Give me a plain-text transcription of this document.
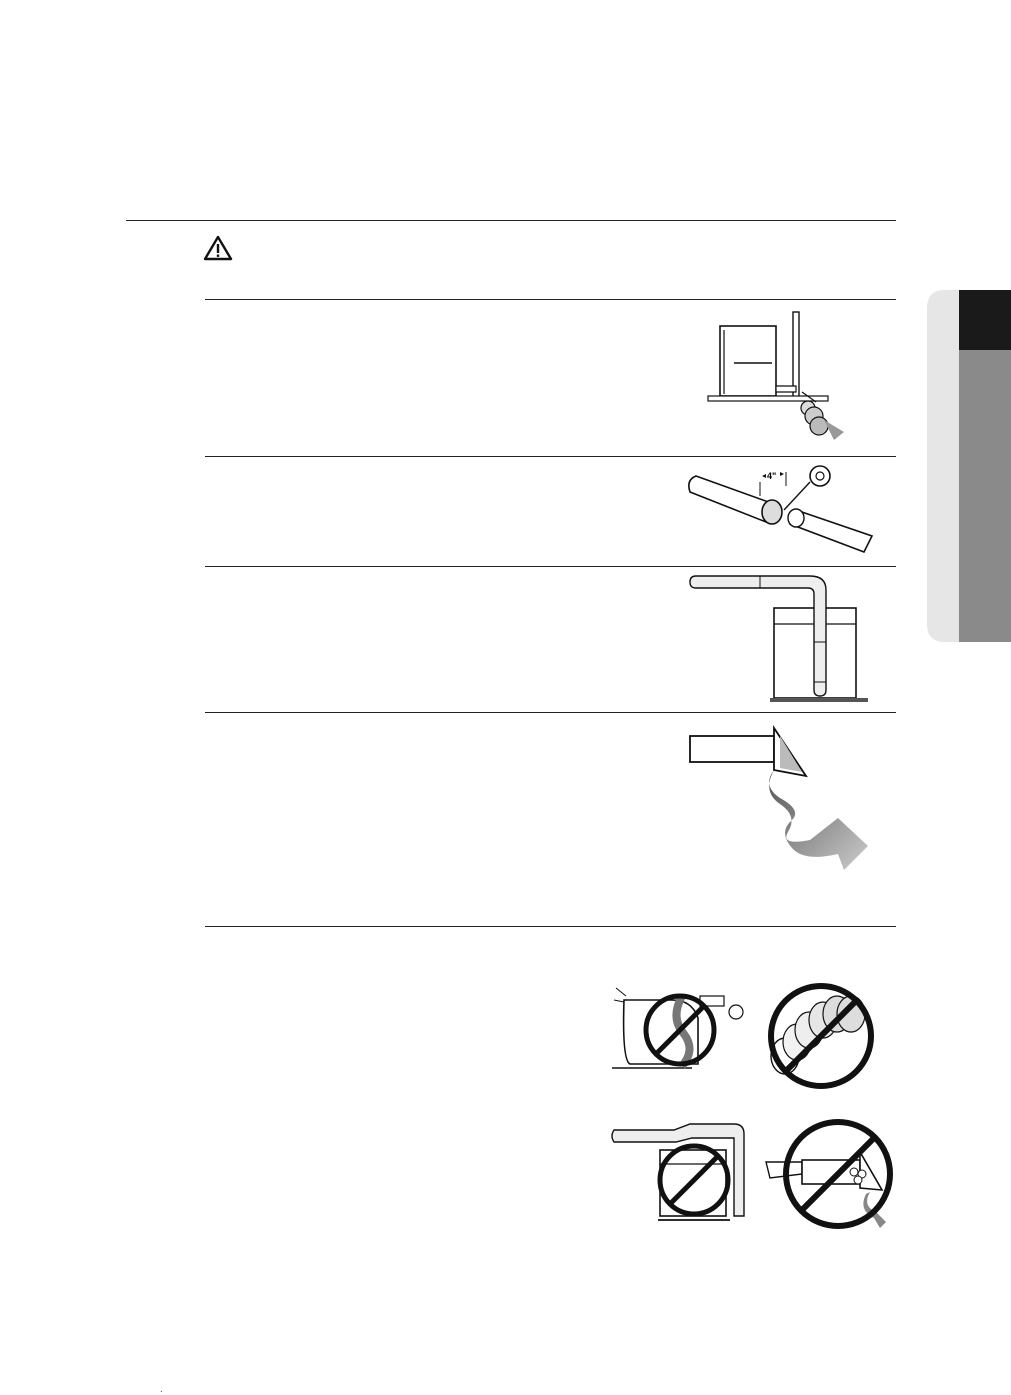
4"
.
